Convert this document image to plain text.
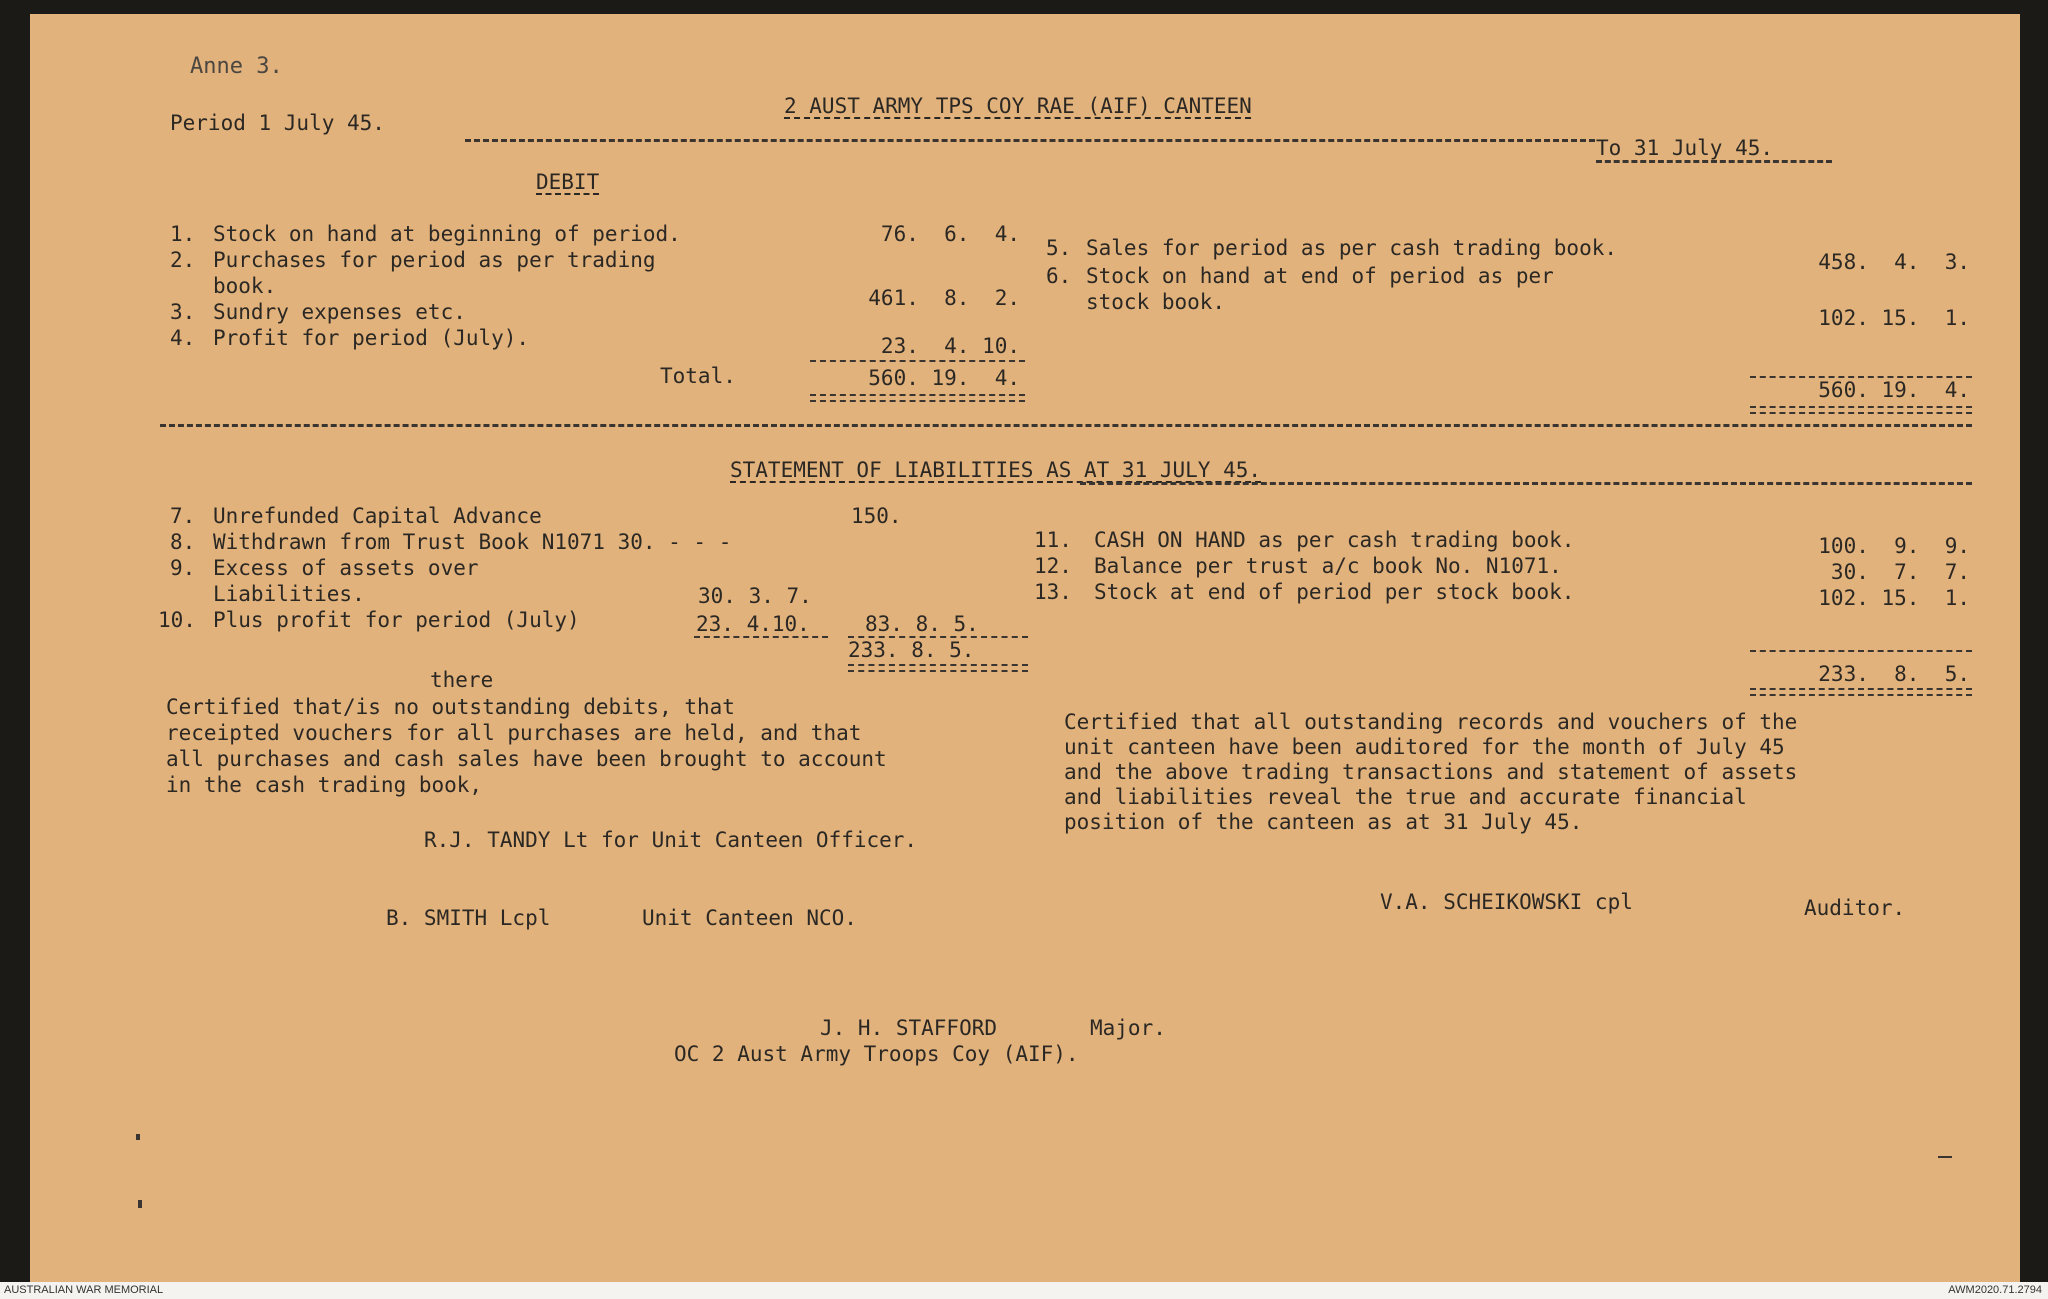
Anne 3.
2 AUST ARMY TPS COY RAE (AIF) CANTEEN
Period 1 July 45.
To 31 July 45.
DEBIT
1. Stock on hand at beginning of period.	76.  6.  4.
2. Purchases for period as per trading
book.	461.  8.  2.
3. Sundry expenses etc.
4. Profit for period (July).	23.  4. 10.
Total.	560. 19.  4.
5. Sales for period as per cash trading book.
458.  4.  3.
6. Stock on hand at end of period as per
stock book.
102. 15.  1.
560. 19.  4.
STATEMENT OF LIABILITIES AS AT 31 JULY 45.
7. Unrefunded Capital Advance	150.
8. Withdrawn from Trust Book N1071 30. - - -
9. Excess of assets over
Liabilities.	30. 3. 7.
10. Plus profit for period (July)	23. 4.10.	83. 8. 5.
233. 8. 5.
11. CASH ON HAND as per cash trading book.	100.  9.  9.
12. Balance per trust a/c book No. N1071.	30.  7.  7.
13. Stock at end of period per stock book.	102. 15.  1.
233.  8.  5.
there
Certified that/is no outstanding debits, that
receipted vouchers for all purchases are held, and that
all purchases and cash sales have been brought to account
in the cash trading book,
Certified that all outstanding records and vouchers of the
unit canteen have been auditored for the month of July 45
and the above trading transactions and statement of assets
and liabilities reveal the true and accurate financial
position of the canteen as at 31 July 45.
R.J. TANDY Lt for Unit Canteen Officer.
B. SMITH Lcpl	Unit Canteen NCO.
V.A. SCHEIKOWSKI cpl	Auditor.
J. H. STAFFORD	Major.
OC 2 Aust Army Troops Coy (AIF).
AUSTRALIAN WAR MEMORIAL	AWM2020.71.2794
